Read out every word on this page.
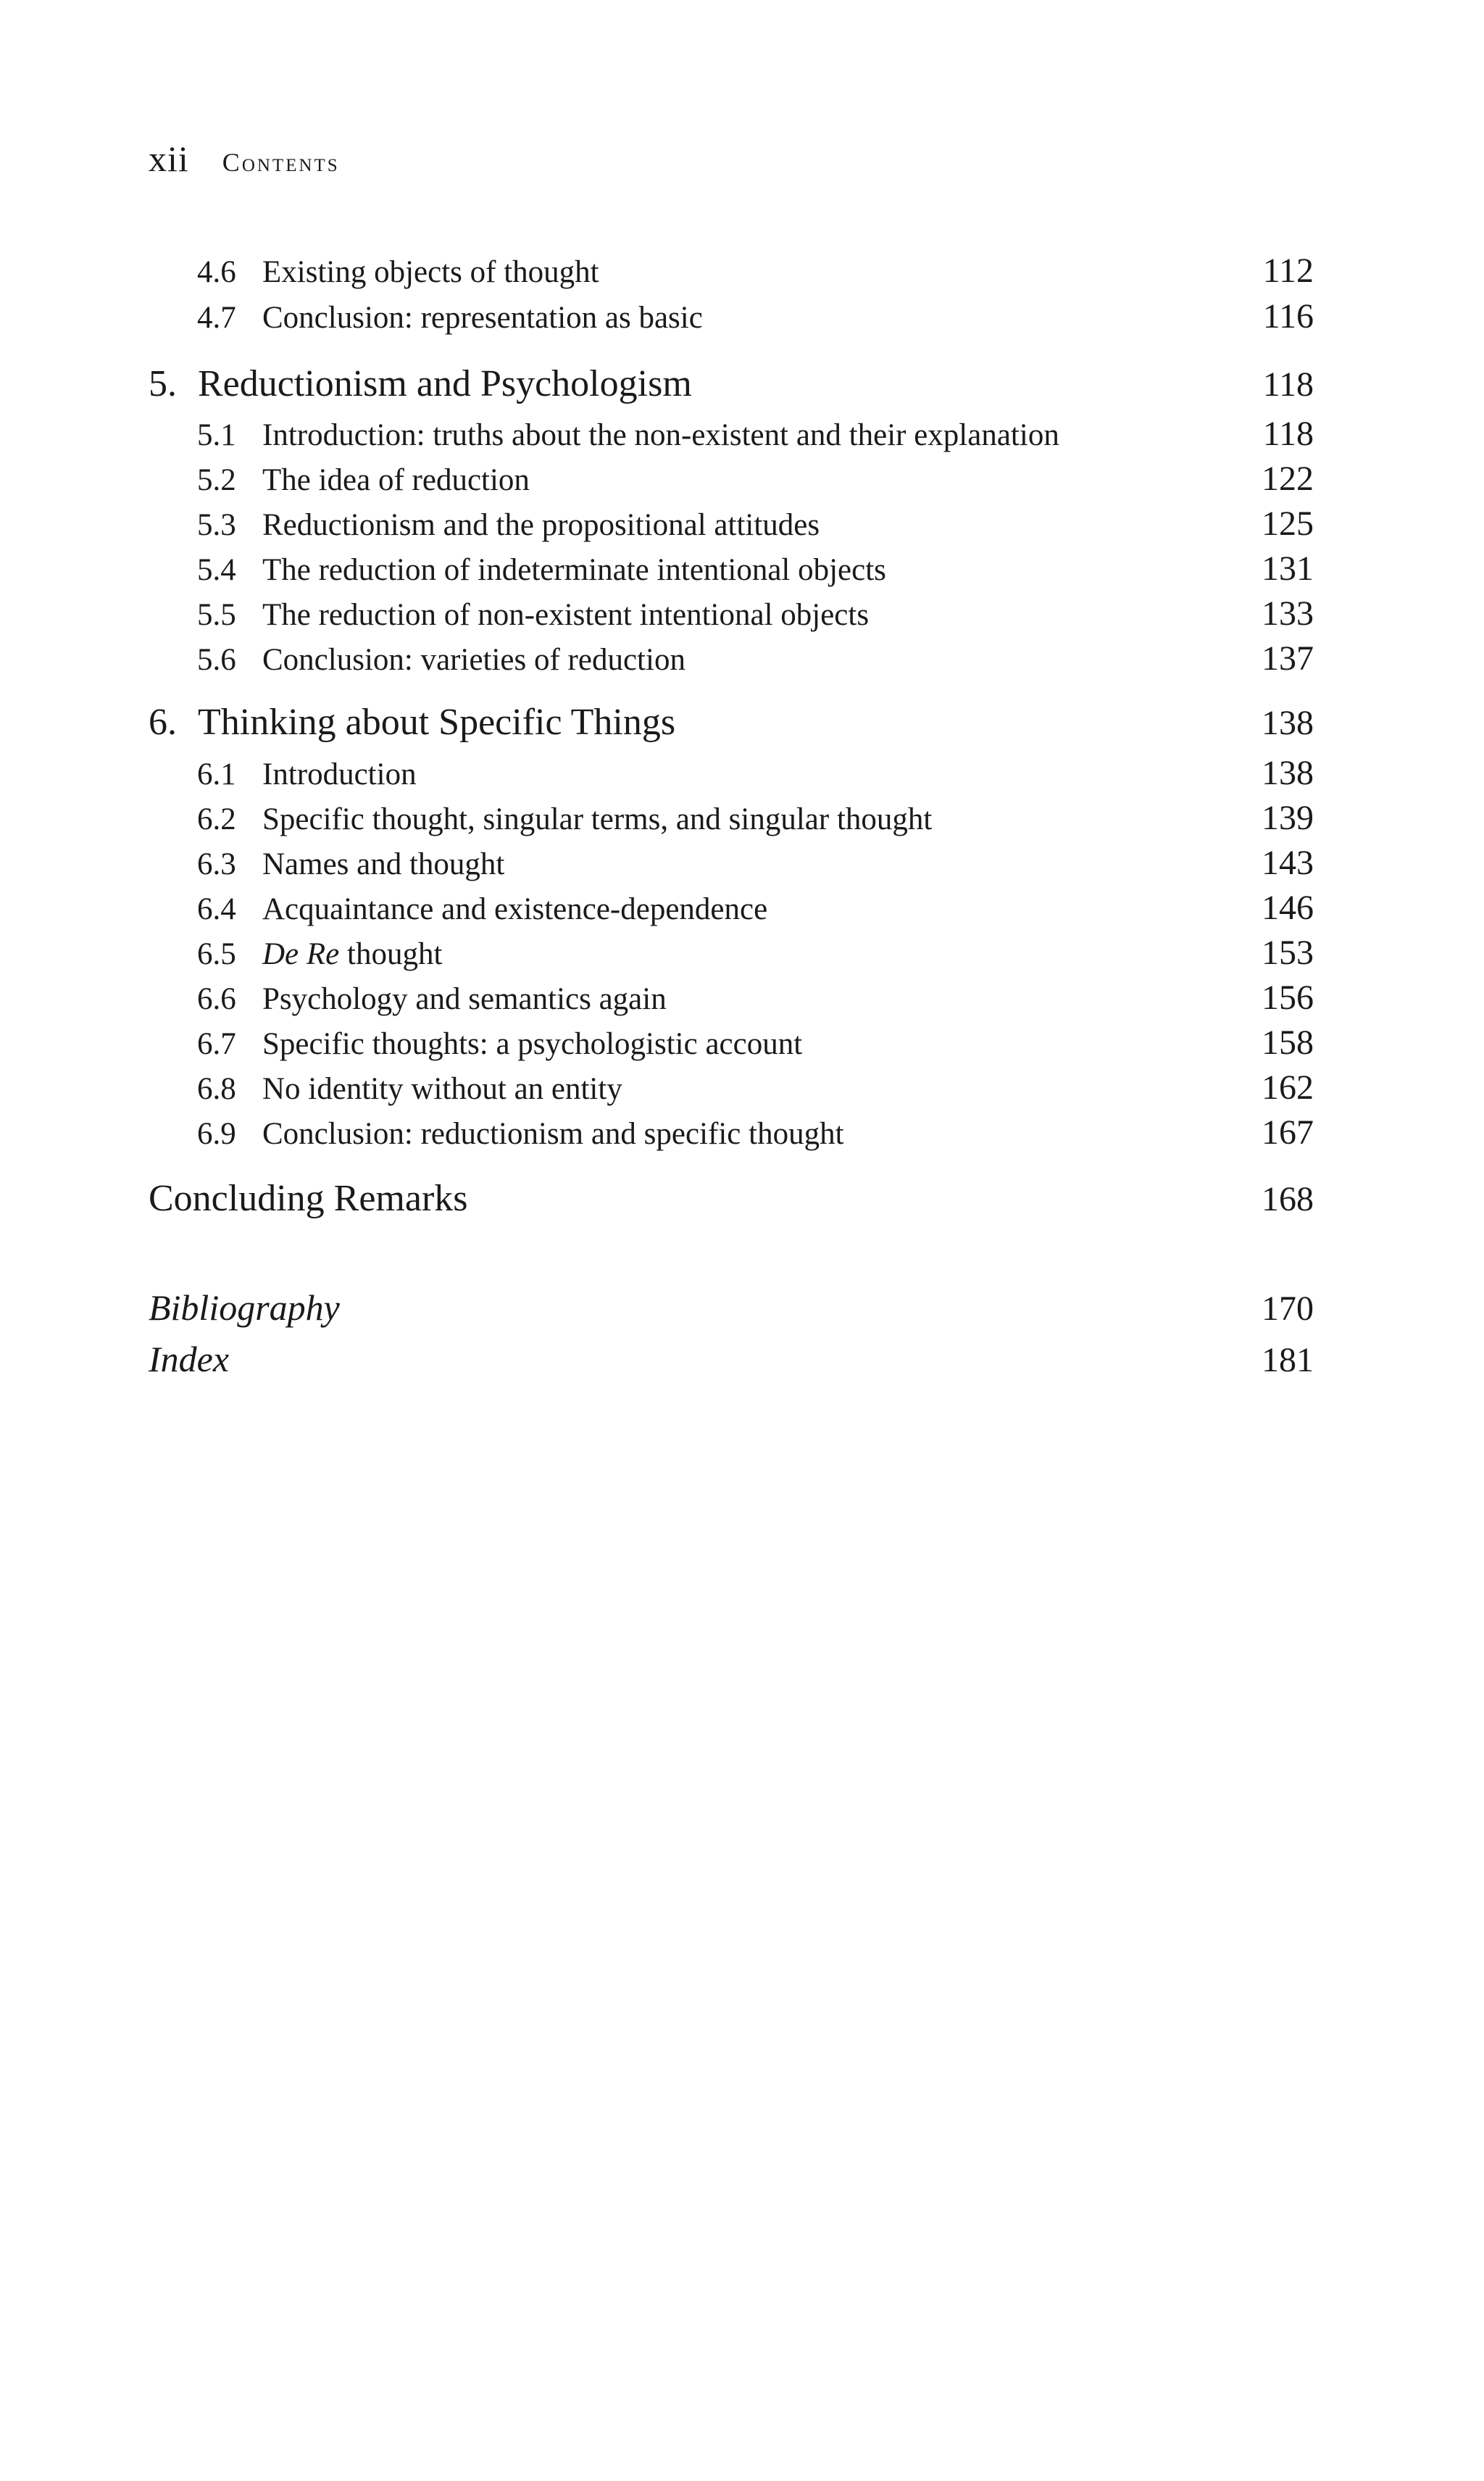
xii contents
4.6 Existing objects of thought	112
4.7 Conclusion: representation as basic	116
5. Reductionism and Psychologism	118
5.1 Introduction: truths about the non-existent and their explanation	118
5.2 The idea of reduction	122
5.3 Reductionism and the propositional attitudes	125
5.4 The reduction of indeterminate intentional objects	131
5.5 The reduction of non-existent intentional objects	133
5.6 Conclusion: varieties of reduction	137
6. Thinking about Specific Things	138
6.1 Introduction	138
6.2 Specific thought, singular terms, and singular thought	139
6.3 Names and thought	143
6.4 Acquaintance and existence-dependence	146
6.5 De Re thought	153
6.6 Psychology and semantics again	156
6.7 Specific thoughts: a psychologistic account	158
6.8 No identity without an entity	162
6.9 Conclusion: reductionism and specific thought	167
Concluding Remarks	168
Bibliography	170
Index	181
